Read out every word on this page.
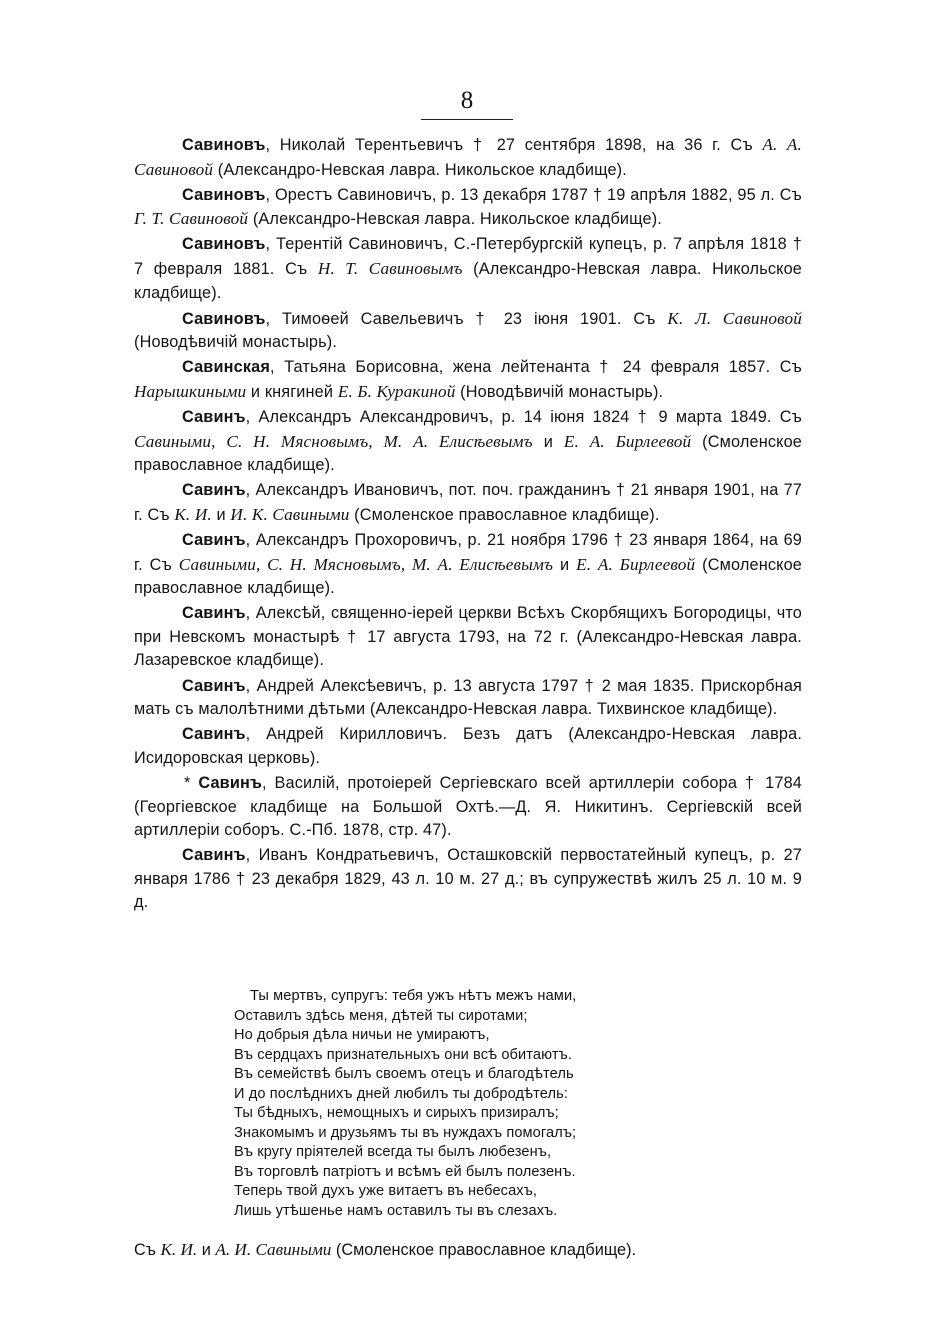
8
Савиновъ, Николай Терентьевичъ † 27 сентября 1898, на 36 г. Съ А. А. Савиновой (Александро-Невская лавра. Никольское кладбище).
Савиновъ, Орестъ Савиновичъ, р. 13 декабря 1787 † 19 апрѣля 1882, 95 л. Съ Г. Т. Савиновой (Александро-Невская лавра. Никольское кладбище).
Савиновъ, Терентій Савиновичъ, С.-Петербургскій купецъ, р. 7 апрѣля 1818 † 7 февраля 1881. Съ Н. Т. Савиновымъ (Александро-Невская лавра. Никольское кладбище).
Савиновъ, Тимоѳей Савельевичъ † 23 іюня 1901. Съ К. Л. Савиновой (Новодѣвичій монастырь).
Савинская, Татьяна Борисовна, жена лейтенанта † 24 февраля 1857. Съ Нарышкиными и княгиней Е. Б. Куракиной (Новодѣвичій монастырь).
Савинъ, Александръ Александровичъ, р. 14 іюня 1824 † 9 марта 1849. Съ Савиными, С. Н. Мясновымъ, М. А. Елисѣевымъ и Е. А. Бирлеевой (Смоленское православное кладбище).
Савинъ, Александръ Ивановичъ, пот. поч. гражданинъ † 21 января 1901, на 77 г. Съ К. И. и И. К. Савиными (Смоленское православное кладбище).
Савинъ, Александръ Прохоровичъ, р. 21 ноября 1796 † 23 января 1864, на 69 г. Съ Савиными, С. Н. Мясновымъ, М. А. Елисѣевымъ и Е. А. Бирлеевой (Смоленское православное кладбище).
Савинъ, Алексѣй, священно-іерей церкви Всѣхъ Скорбящихъ Богородицы, что при Невскомъ монастырѣ † 17 августа 1793, на 72 г. (Александро-Невская лавра. Лазаревское кладбище).
Савинъ, Андрей Алексѣевичъ, р. 13 августа 1797 † 2 мая 1835. Прискорбная мать съ малолѣтними дѣтьми (Александро-Невская лавра. Тихвинское кладбище).
Савинъ, Андрей Кирилловичъ. Безъ датъ (Александро-Невская лавра. Исидоровская церковь).
* Савинъ, Василій, протоіерей Сергіевскаго всей артиллеріи собора † 1784 (Георгіевское кладбище на Большой Охтѣ.—Д. Я. Никитинъ. Сергіевскій всей артиллеріи соборъ. С.-Пб. 1878, стр. 47).
Савинъ, Иванъ Кондратьевичъ, Осташковскій первостатейный купецъ, р. 27 января 1786 † 23 декабря 1829, 43 л. 10 м. 27 д.; въ супружествѣ жилъ 25 л. 10 м. 9 д.
Ты мертвъ, супругъ: тебя ужъ нѣтъ межъ нами,
Оставилъ здѣсь меня, дѣтей ты сиротами;
Но добрыя дѣла ничьи не умираютъ,
Въ сердцахъ признательныхъ они всѣ обитаютъ.
Въ семействѣ былъ своемъ отецъ и благодѣтель
И до послѣднихъ дней любилъ ты добродѣтель:
Ты бѣдныхъ, немощныхъ и сирыхъ призиралъ;
Знакомымъ и друзьямъ ты въ нуждахъ помогалъ;
Въ кругу пріятелей всегда ты былъ любезенъ,
Въ торговлѣ патріотъ и всѣмъ ей былъ полезенъ.
Теперь твой духъ уже витаетъ въ небесахъ,
Лишь утѣшенье намъ оставилъ ты въ слезахъ.
Съ К. И. и А. И. Савиными (Смоленское православное кладбище).
